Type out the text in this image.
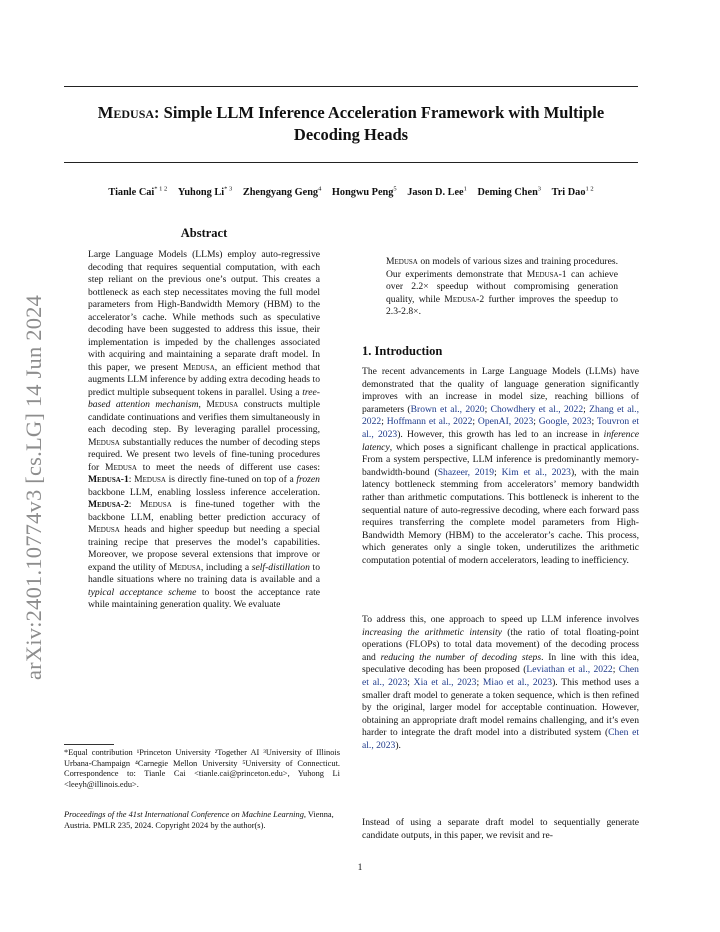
arXiv:2401.10774v3 [cs.LG] 14 Jun 2024
Medusa: Simple LLM Inference Acceleration Framework with Multiple
Decoding Heads
Tianle Cai$^{* 1 2}$ Yuhong Li$^{* 3}$ Zhengyang Geng$^4$ Hongwu Peng$^5$ Jason D. Lee$^1$ Deming Chen$^3$ Tri Dao$^{1 2}$
Abstract
Large Language Models (LLMs) employ auto-regressive decoding that requires sequential computation, with each step reliant on the previous one’s output. This creates a bottleneck as each step necessitates moving the full model parameters from High-Bandwidth Memory (HBM) to the accelerator’s cache. While methods such as speculative decoding have been suggested to address this issue, their implementation is impeded by the challenges associated with acquiring and maintaining a separate draft model. In this paper, we present Medusa, an efficient method that augments LLM inference by adding extra decoding heads to predict multiple subsequent tokens in parallel. Using a tree-based attention mechanism, Medusa constructs multiple candidate continuations and verifies them simultaneously in each decoding step. By leveraging parallel processing, Medusa substantially reduces the number of decoding steps required. We present two levels of fine-tuning procedures for Medusa to meet the needs of different use cases: Medusa-1: Medusa is directly fine-tuned on top of a frozen backbone LLM, enabling lossless inference acceleration. Medusa-2: Medusa is fine-tuned together with the backbone LLM, enabling better prediction accuracy of Medusa heads and higher speedup but needing a special training recipe that preserves the model’s capabilities. Moreover, we propose several extensions that improve or expand the utility of Medusa, including a self-distillation to handle situations where no training data is available and a typical acceptance scheme to boost the acceptance rate while maintaining generation quality. We evaluate
Medusa on models of various sizes and training procedures. Our experiments demonstrate that Medusa-1 can achieve over 2.2× speedup without compromising generation quality, while Medusa-2 further improves the speedup to 2.3-2.8×.
*Equal contribution ¹Princeton University ²Together AI ³University of Illinois Urbana-Champaign ⁴Carnegie Mellon University ⁵University of Connecticut. Correspondence to: Tianle Cai <tianle.cai@princeton.edu>, Yuhong Li <leeyh@illinois.edu>.
Proceedings of the 41st International Conference on Machine Learning, Vienna, Austria. PMLR 235, 2024. Copyright 2024 by the author(s).
1. Introduction

The recent advancements in Large Language Models (LLMs) have demonstrated that the quality of language generation significantly improves with an increase in model size, reaching billions of parameters (Brown et al., 2020; Chowdhery et al., 2022; Zhang et al., 2022; Hoffmann et al., 2022; OpenAI, 2023; Google, 2023; Touvron et al., 2023). However, this growth has led to an increase in inference latency, which poses a significant challenge in practical applications. From a system perspective, LLM inference is predominantly memory-bandwidth-bound (Shazeer, 2019; Kim et al., 2023), with the main latency bottleneck stemming from accelerators’ memory bandwidth rather than arithmetic computations. This bottleneck is inherent to the sequential nature of auto-regressive decoding, where each forward pass requires transferring the complete model parameters from High-Bandwidth Memory (HBM) to the accelerator’s cache. This process, which generates only a single token, underutilizes the arithmetic computation potential of modern accelerators, leading to inefficiency.

To address this, one approach to speed up LLM inference involves increasing the arithmetic intensity (the ratio of total floating-point operations (FLOPs) to total data movement) of the decoding process and reducing the number of decoding steps. In line with this idea, speculative decoding has been proposed (Leviathan et al., 2022; Chen et al., 2023; Xia et al., 2023; Miao et al., 2023). This method uses a smaller draft model to generate a token sequence, which is then refined by the original, larger model for acceptable continuation. However, obtaining an appropriate draft model remains challenging, and it’s even harder to integrate the draft model into a distributed system (Chen et al., 2023).

Instead of using a separate draft model to sequentially generate candidate outputs, in this paper, we revisit and re-

1
